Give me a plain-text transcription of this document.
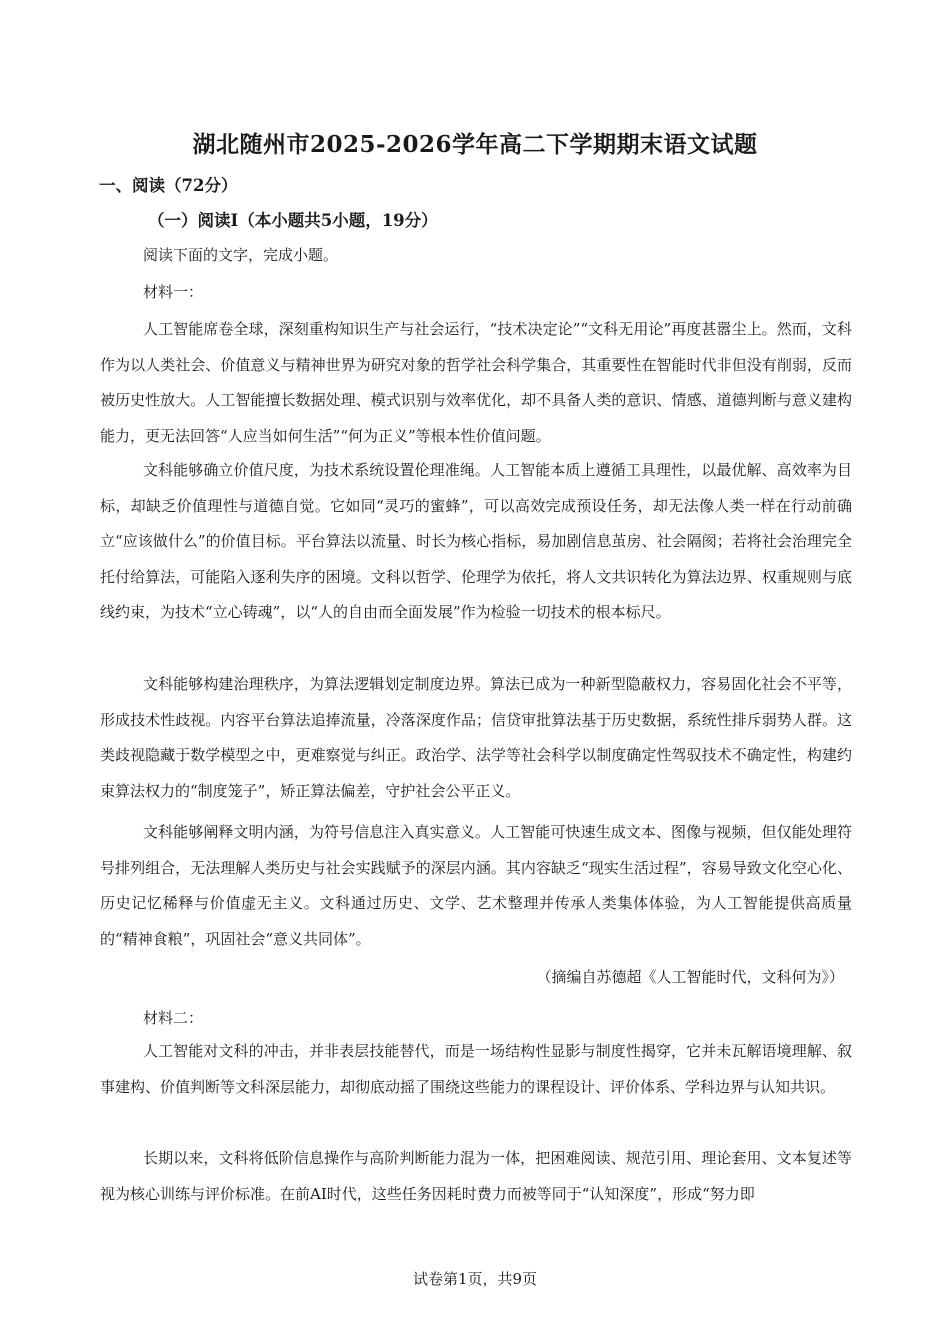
湖北随州市2025-2026学年高二下学期期末语文试题
一、阅读（72分）
（一）阅读I（本小题共5小题，19分）
阅读下面的文字，完成小题。
材料一：

人工智能席卷全球，深刻重构知识生产与社会运行，“技术决定论”“文科无用论”再度甚嚣尘上。然而，文科作为以人类社会、价值意义与精神世界为研究对象的哲学社会科学集合，其重要性在智能时代非但没有削弱，反而被历史性放大。人工智能擅长数据处理、模式识别与效率优化，却不具备人类的意识、情感、道德判断与意义建构能力，更无法回答“人应当如何生活”“何为正义”等根本性价值问题。

文科能够确立价值尺度，为技术系统设置伦理准绳。人工智能本质上遵循工具理性，以最优解、高效率为目标，却缺乏价值理性与道德自觉。它如同“灵巧的蜜蜂”，可以高效完成预设任务，却无法像人类一样在行动前确立“应该做什么”的价值目标。平台算法以流量、时长为核心指标，易加剧信息茧房、社会隔阂；若将社会治理完全托付给算法，可能陷入逐利失序的困境。文科以哲学、伦理学为依托，将人文共识转化为算法边界、权重规则与底线约束，为技术“立心铸魂”，以“人的自由而全面发展”作为检验一切技术的根本标尺。

文科能够构建治理秩序，为算法逻辑划定制度边界。算法已成为一种新型隐蔽权力，容易固化社会不平等，形成技术性歧视。内容平台算法追捧流量，冷落深度作品；信贷审批算法基于历史数据，系统性排斥弱势人群。这类歧视隐藏于数学模型之中，更难察觉与纠正。政治学、法学等社会科学以制度确定性驾驭技术不确定性，构建约束算法权力的“制度笼子”，矫正算法偏差，守护社会公平正义。

文科能够阐释文明内涵，为符号信息注入真实意义。人工智能可快速生成文本、图像与视频，但仅能处理符号排列组合，无法理解人类历史与社会实践赋予的深层内涵。其内容缺乏“现实生活过程”，容易导致文化空心化、历史记忆稀释与价值虚无主义。文科通过历史、文学、艺术整理并传承人类集体体验，为人工智能提供高质量的“精神食粮”，巩固社会“意义共同体”。

（摘编自苏德超《人工智能时代，文科何为》）
材料二：

人工智能对文科的冲击，并非表层技能替代，而是一场结构性显影与制度性揭穿，它并未瓦解语境理解、叙事建构、价值判断等文科深层能力，却彻底动摇了围绕这些能力的课程设计、评价体系、学科边界与认知共识。

长期以来，文科将低阶信息操作与高阶判断能力混为一体，把困难阅读、规范引用、理论套用、文本复述等视为核心训练与评价标准。在前AI时代，这些任务因耗时费力而被等同于“认知深度”，形成“努力即

试卷第1页，共9页
